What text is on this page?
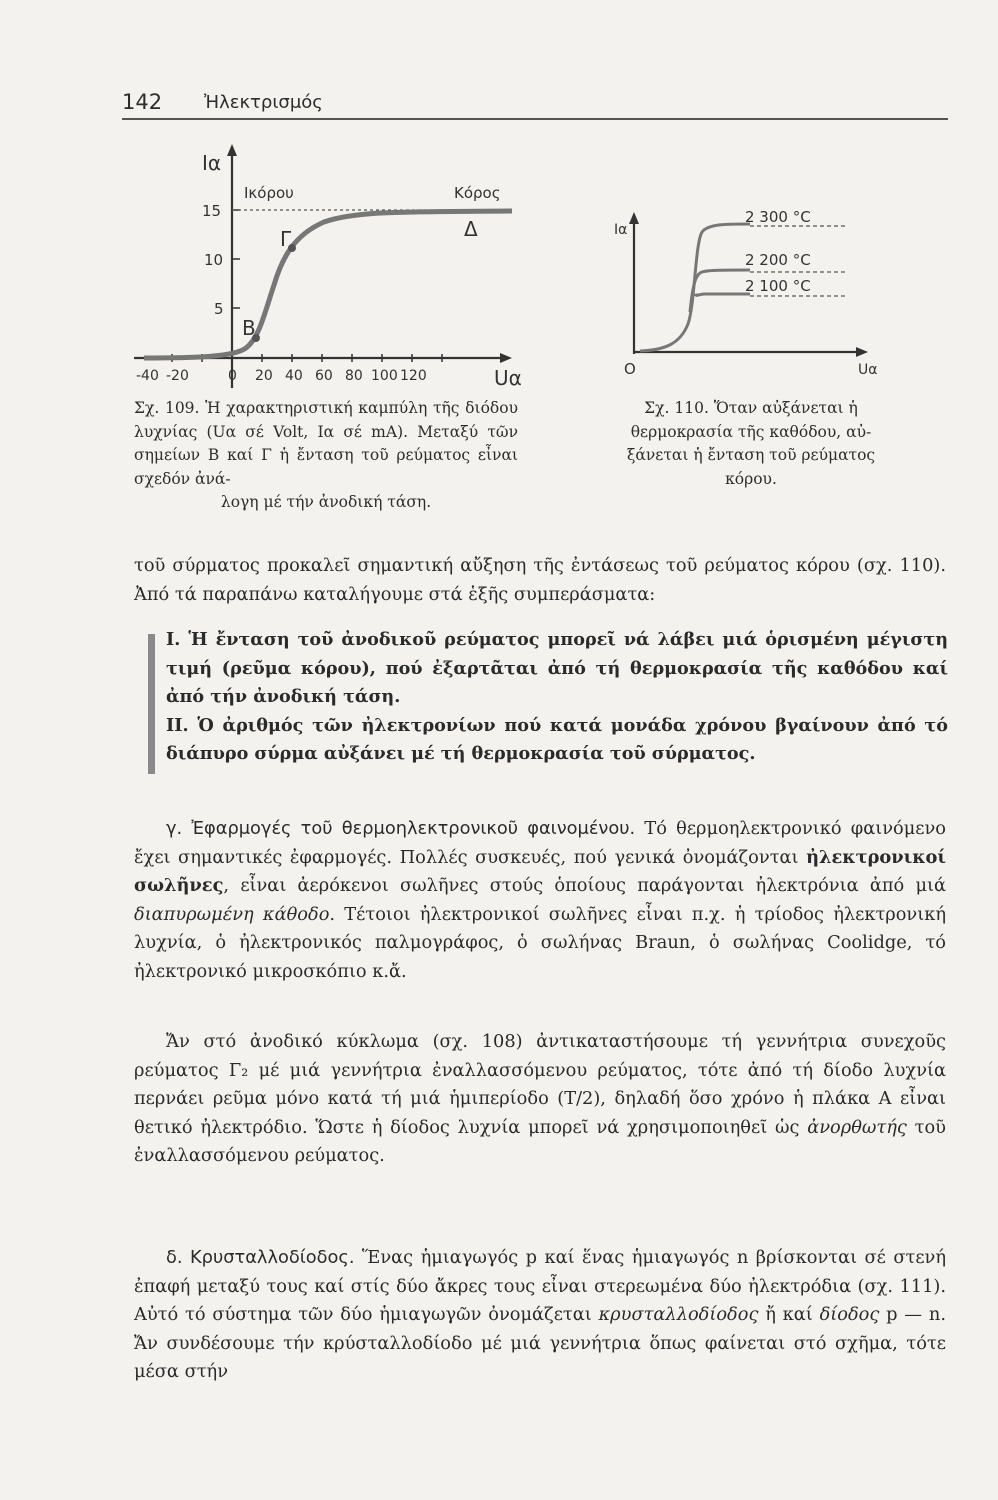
142 Ἠλεκτρισμός
Iα
Iκόρου	Κόρος
15
10
5
-40 -20	0 20 40 60 80 100 120	Uα
Β
Γ	Δ	Iα
O	Uα
2 300 °C
2 200 °C
2 100 °C
Σχ. 109. Ἡ χαρακτηριστική καμπύλη τῆς διόδου λυχνίας (Uα σέ Volt, Iα σέ mA). Μεταξύ τῶν σημείων Β καί Γ ἡ ἔνταση τοῦ ρεύματος εἶναι σχεδόν ἀνά-
λογη μέ τήν ἀνοδική τάση.
Σχ. 110. Ὅταν αὐξάνεται ἡ
θερμοκρασία τῆς καθόδου, αὐ-
ξάνεται ἡ ἔνταση τοῦ ρεύματος
κόρου.

τοῦ σύρματος προκαλεῖ σημαντική αὔξηση τῆς ἐντάσεως τοῦ ρεύματος κόρου (σχ. 110). Ἀπό τά παραπάνω καταλήγουμε στά ἑξῆς συμπεράσματα:

I. Ἡ ἔνταση τοῦ ἀνοδικοῦ ρεύματος μπορεῖ νά λάβει μιά ὁρισμένη μέγιστη τιμή (ρεῦμα κόρου), πού ἐξαρτᾶται ἀπό τή θερμοκρασία τῆς καθόδου καί ἀπό τήν ἀνοδική τάση.

II. Ὁ ἀριθμός τῶν ἠλεκτρονίων πού κατά μονάδα χρόνου βγαίνουν ἀπό τό διάπυρο σύρμα αὐξάνει μέ τή θερμοκρασία τοῦ σύρματος.

γ. Ἐφαρμογές τοῦ θερμοηλεκτρονικοῦ φαινομένου. Τό θερμοηλεκτρονικό φαινόμενο ἔχει σημαντικές ἐφαρμογές. Πολλές συσκευές, πού γενικά ὀνομάζονται ἠλεκτρονικοί σωλῆνες, εἶναι ἀερόκενοι σωλῆνες στούς ὁποίους παράγονται ἠλεκτρόνια ἀπό μιά διαπυρωμένη κάθοδο. Τέτοιοι ἠλεκτρονικοί σωλῆνες εἶναι π.χ. ἡ τρίοδος ἠλεκτρονική λυχνία, ὁ ἠλεκτρονικός παλμογράφος, ὁ σωλήνας Braun, ὁ σωλήνας Coolidge, τό ἠλεκτρονικό μικροσκόπιο κ.ἄ.

Ἄν στό ἀνοδικό κύκλωμα (σχ. 108) ἀντικαταστήσουμε τή γεννήτρια συνεχοῦς ρεύματος Γ₂ μέ μιά γεννήτρια ἐναλλασσόμενου ρεύματος, τότε ἀπό τή δίοδο λυχνία περνάει ρεῦμα μόνο κατά τή μιά ἡμιπερίοδο (T/2), δηλαδή ὅσο χρόνο ἡ πλάκα A εἶναι θετικό ἠλεκτρόδιο. Ὥστε ἡ δίοδος λυχνία μπορεῖ νά χρησιμοποιηθεῖ ὡς ἀνορθωτής τοῦ ἐναλλασσόμενου ρεύματος.

δ. Κρυσταλλοδίοδος. Ἕνας ἡμιαγωγός p καί ἕνας ἡμιαγωγός n βρίσκονται σέ στενή ἐπαφή μεταξύ τους καί στίς δύο ἄκρες τους εἶναι στερεωμένα δύο ἠλεκτρόδια (σχ. 111). Αὐτό τό σύστημα τῶν δύο ἡμιαγωγῶν ὀνομάζεται κρυσταλλοδίοδος ἤ καί δίοδος p — n. Ἄν συνδέσουμε τήν κρύσταλλοδίοδο μέ μιά γεννήτρια ὅπως φαίνεται στό σχῆμα, τότε μέσα στήν
